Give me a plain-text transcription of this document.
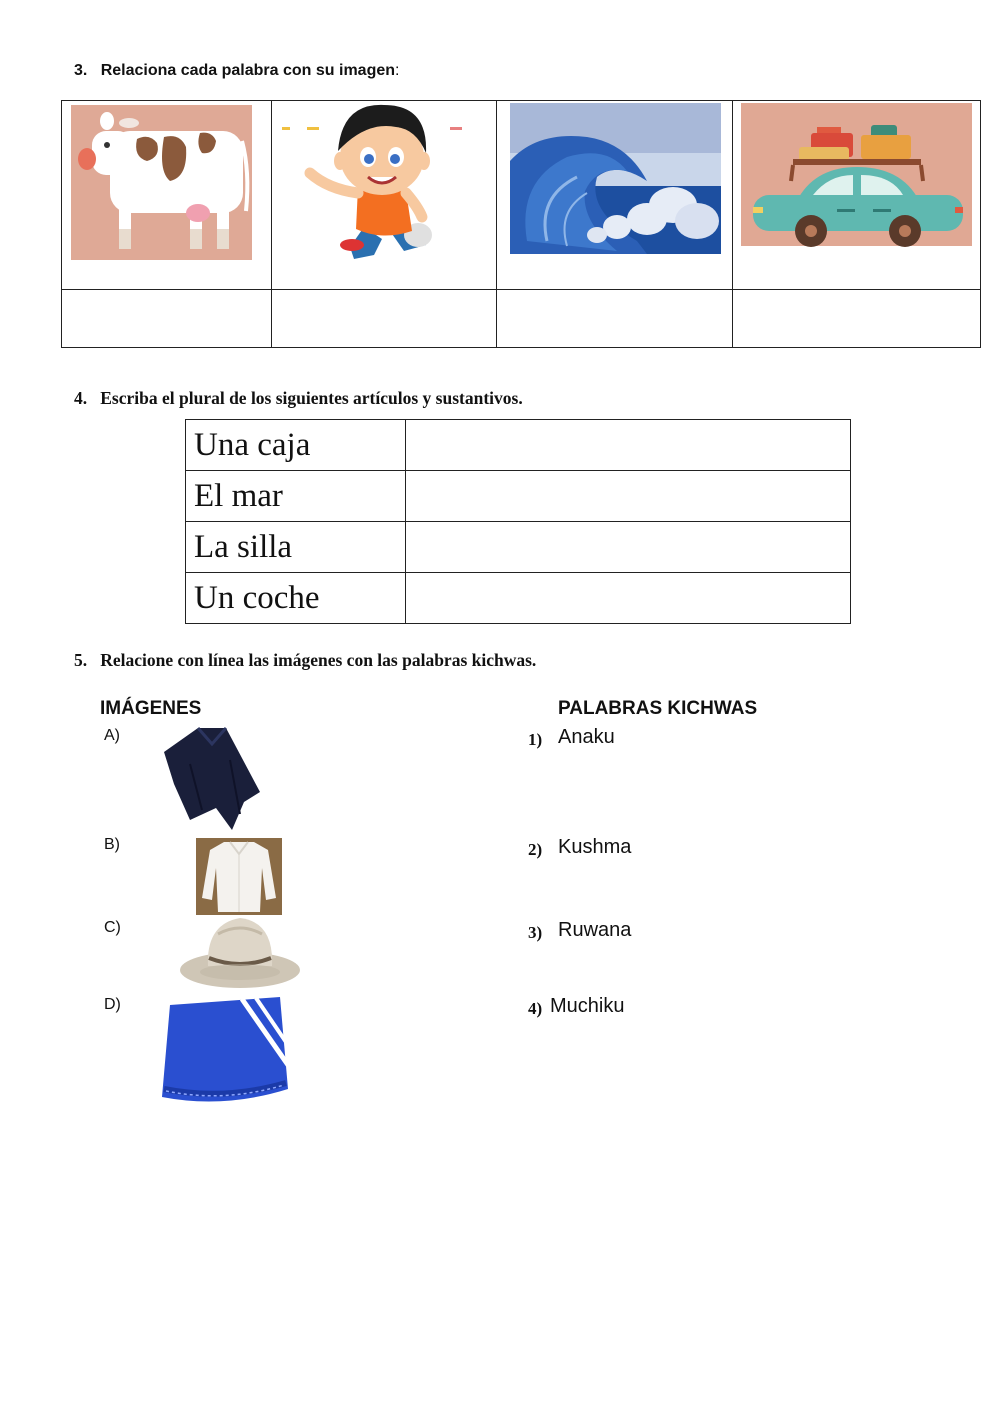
3. Relaciona cada palabra con su imagen:

4. Escriba el plural de los siguientes artículos y sustantivos.
Una caja	
El mar	
La silla	
Un coche	
5. Relacione con línea las imágenes con las palabras kichwas.
IMÁGENES	PALABRAS KICHWAS
A)
B)
C)
D)
1) Anaku
2) Kushma
3) Ruwana
4) Muchiku
